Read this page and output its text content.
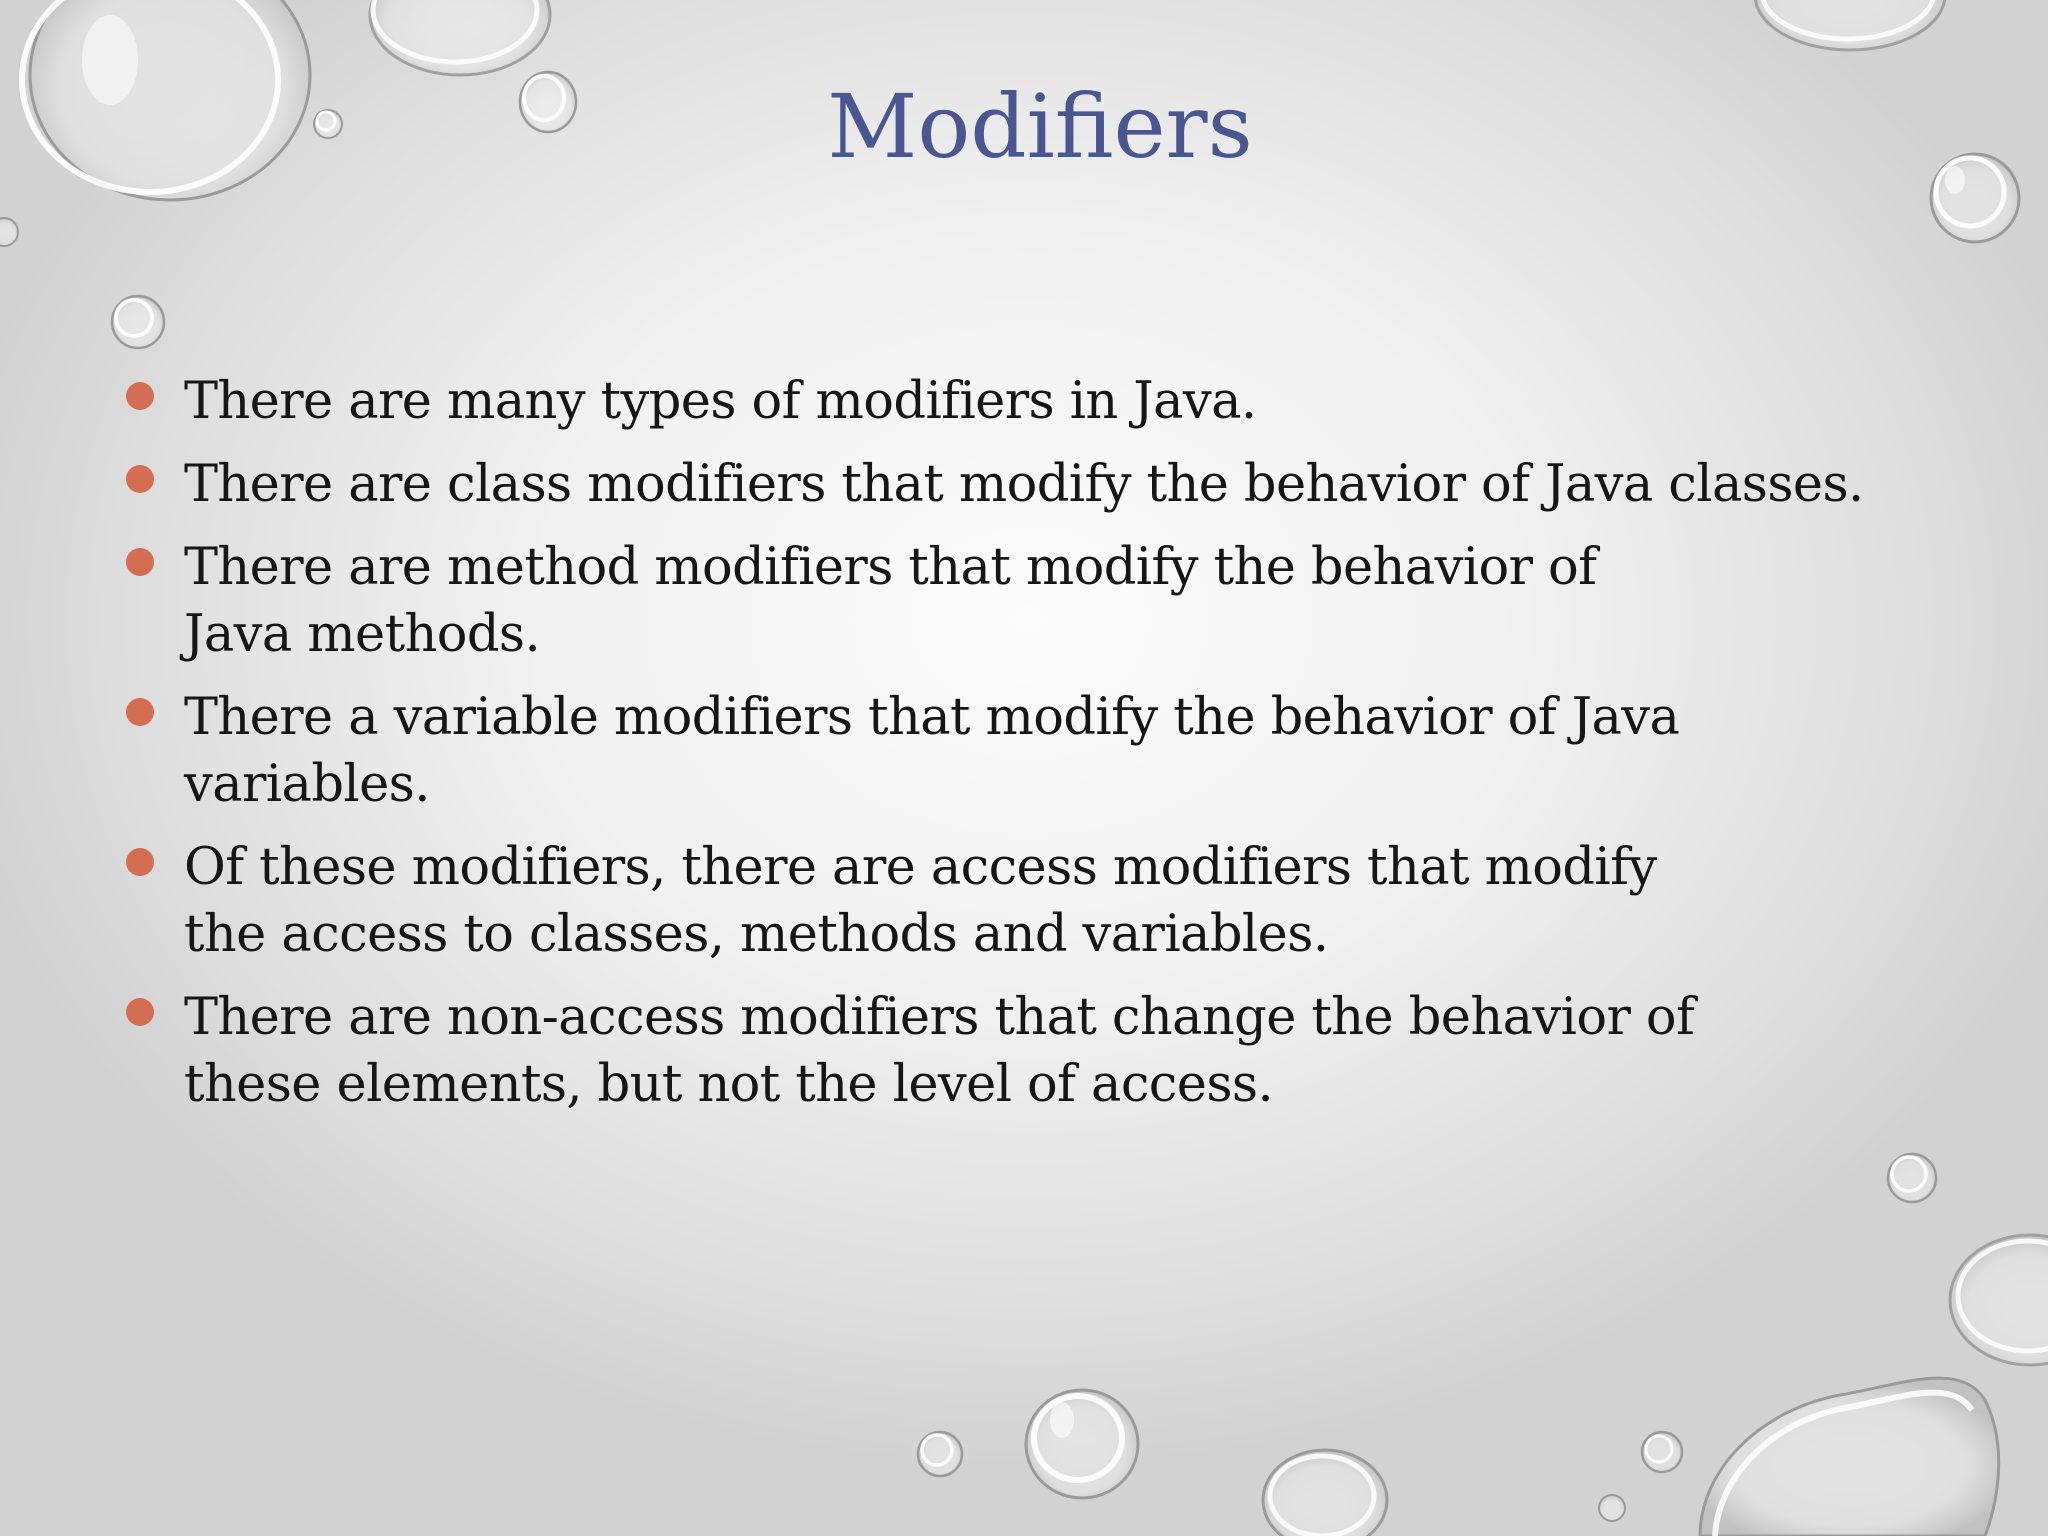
Modifiers
There are many types of modifiers in Java.
There are class modifiers that modify the behavior of Java classes.
There are method modifiers that modify the behavior of Java methods.
There a variable modifiers that modify the behavior of Java variables.
Of these modifiers, there are access modifiers that modify the access to classes, methods and variables.
There are non-access modifiers that change the behavior of these elements, but not the level of access.
